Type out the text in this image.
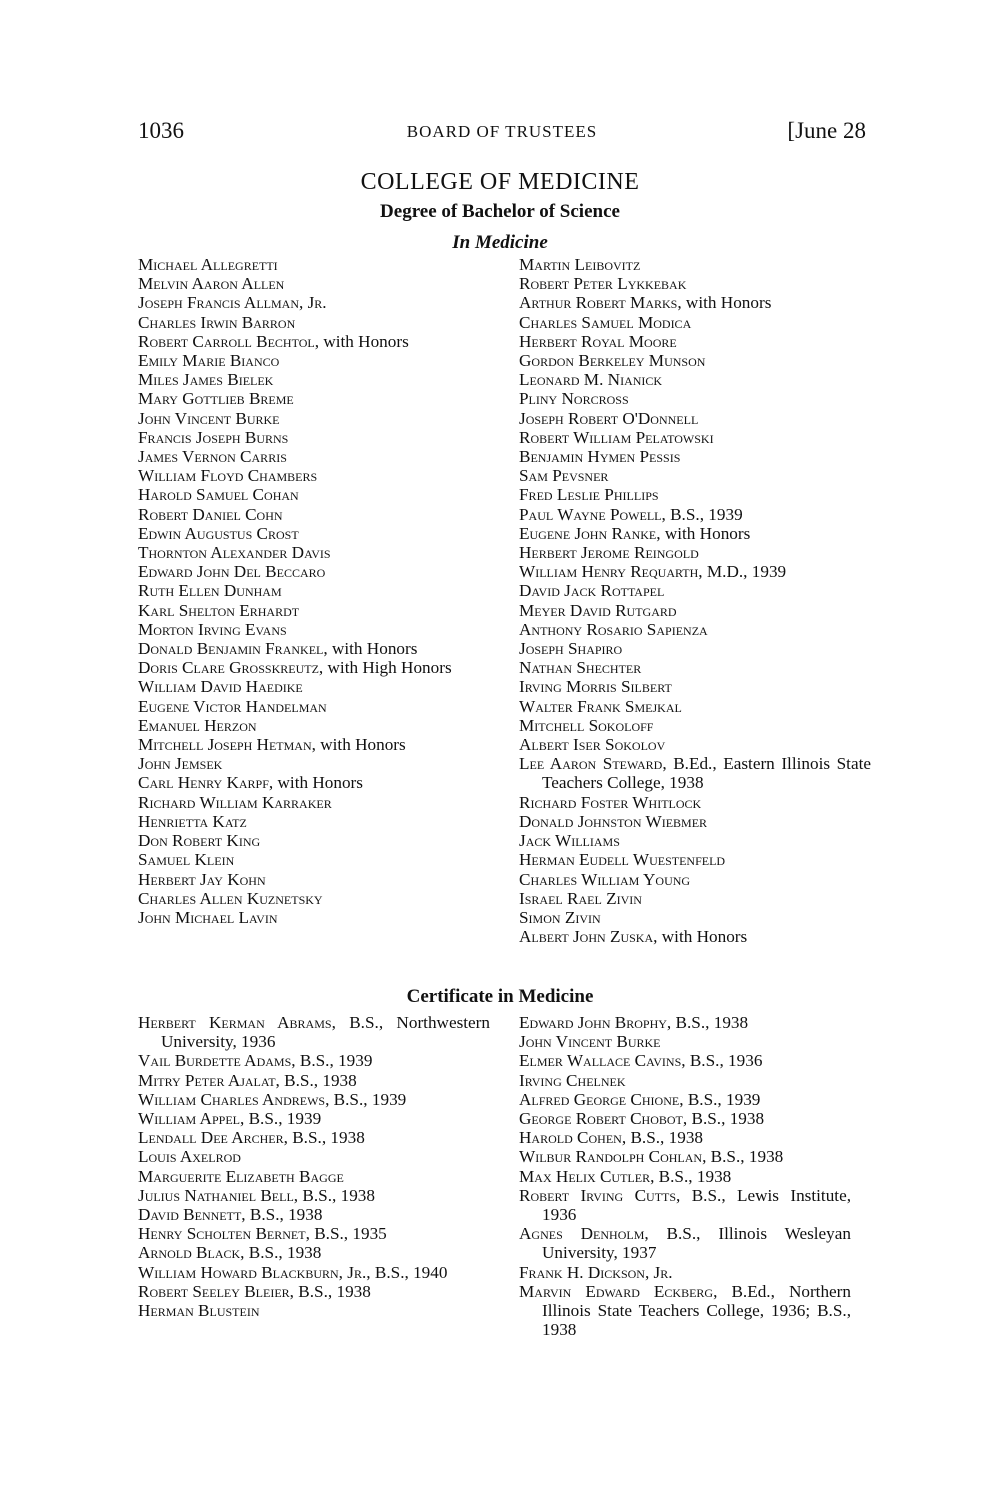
1036	BOARD OF TRUSTEES	[June 28
COLLEGE OF MEDICINE
Degree of Bachelor of Science
In Medicine
Michael Allegretti
Melvin Aaron Allen
Joseph Francis Allman, Jr.
Charles Irwin Barron
Robert Carroll Bechtol, with Honors
Emily Marie Bianco
Miles James Bielek
Mary Gottlieb Breme
John Vincent Burke
Francis Joseph Burns
James Vernon Carris
William Floyd Chambers
Harold Samuel Cohan
Robert Daniel Cohn
Edwin Augustus Crost
Thornton Alexander Davis
Edward John Del Beccaro
Ruth Ellen Dunham
Karl Shelton Erhardt
Morton Irving Evans
Donald Benjamin Frankel, with Honors
Doris Clare Grosskreutz, with High Honors
William David Haedike
Eugene Victor Handelman
Emanuel Herzon
Mitchell Joseph Hetman, with Honors
John Jemsek
Carl Henry Karpf, with Honors
Richard William Karraker
Henrietta Katz
Don Robert King
Samuel Klein
Herbert Jay Kohn
Charles Allen Kuznetsky
John Michael Lavin
Martin Leibovitz
Robert Peter Lykkebak
Arthur Robert Marks, with Honors
Charles Samuel Modica
Herbert Royal Moore
Gordon Berkeley Munson
Leonard M. Nianick
Pliny Norcross
Joseph Robert O'Donnell
Robert William Pelatowski
Benjamin Hymen Pessis
Sam Pevsner
Fred Leslie Phillips
Paul Wayne Powell, B.S., 1939
Eugene John Ranke, with Honors
Herbert Jerome Reingold
William Henry Requarth, M.D., 1939
David Jack Rottapel
Meyer David Rutgard
Anthony Rosario Sapienza
Joseph Shapiro
Nathan Shechter
Irving Morris Silbert
Walter Frank Smejkal
Mitchell Sokoloff
Albert Iser Sokolov
Lee Aaron Steward, B.Ed., Eastern Illinois State Teachers College, 1938
Richard Foster Whitlock
Donald Johnston Wiebmer
Jack Williams
Herman Eudell Wuestenfeld
Charles William Young
Israel Rael Zivin
Simon Zivin
Albert John Zuska, with Honors
Certificate in Medicine
Herbert Kerman Abrams, B.S., Northwestern University, 1936
Vail Burdette Adams, B.S., 1939
Mitry Peter Ajalat, B.S., 1938
William Charles Andrews, B.S., 1939
William Appel, B.S., 1939
Lendall Dee Archer, B.S., 1938
Louis Axelrod
Marguerite Elizabeth Bagge
Julius Nathaniel Bell, B.S., 1938
David Bennett, B.S., 1938
Henry Scholten Bernet, B.S., 1935
Arnold Black, B.S., 1938
William Howard Blackburn, Jr., B.S., 1940
Robert Seeley Bleier, B.S., 1938
Herman Blustein
Edward John Brophy, B.S., 1938
John Vincent Burke
Elmer Wallace Cavins, B.S., 1936
Irving Chelnek
Alfred George Chione, B.S., 1939
George Robert Chobot, B.S., 1938
Harold Cohen, B.S., 1938
Wilbur Randolph Cohlan, B.S., 1938
Max Helix Cutler, B.S., 1938
Robert Irving Cutts, B.S., Lewis Institute, 1936
Agnes Denholm, B.S., Illinois Wesleyan University, 1937
Frank H. Dickson, Jr.
Marvin Edward Eckberg, B.Ed., Northern Illinois State Teachers College, 1936; B.S., 1938
